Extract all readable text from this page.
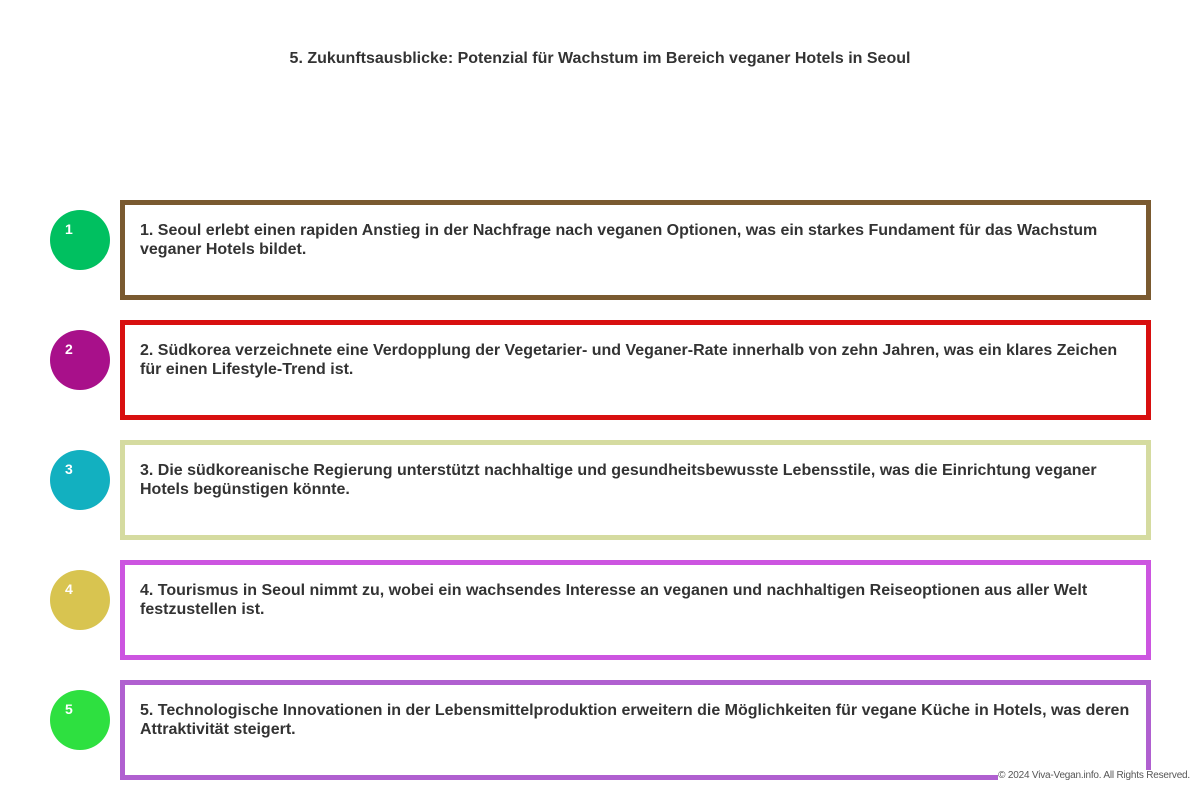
5. Zukunftsausblicke: Potenzial für Wachstum im Bereich veganer Hotels in Seoul
1	1. Seoul erlebt einen rapiden Anstieg in der Nachfrage nach veganen Optionen, was ein starkes Fundament für das Wachstum veganer Hotels bildet.

2	2. Südkorea verzeichnete eine Verdopplung der Vegetarier- und Veganer-Rate innerhalb von zehn Jahren, was ein klares Zeichen für einen Lifestyle-Trend ist.

3	3. Die südkoreanische Regierung unterstützt nachhaltige und gesundheitsbewusste Lebensstile, was die Einrichtung veganer Hotels begünstigen könnte.

4	4. Tourismus in Seoul nimmt zu, wobei ein wachsendes Interesse an veganen und nachhaltigen Reiseoptionen aus aller Welt festzustellen ist.

5	5. Technologische Innovationen in der Lebensmittelproduktion erweitern die Möglichkeiten für vegane Küche in Hotels, was deren Attraktivität steigert.

© 2024 Viva-Vegan.info. All Rights Reserved.
